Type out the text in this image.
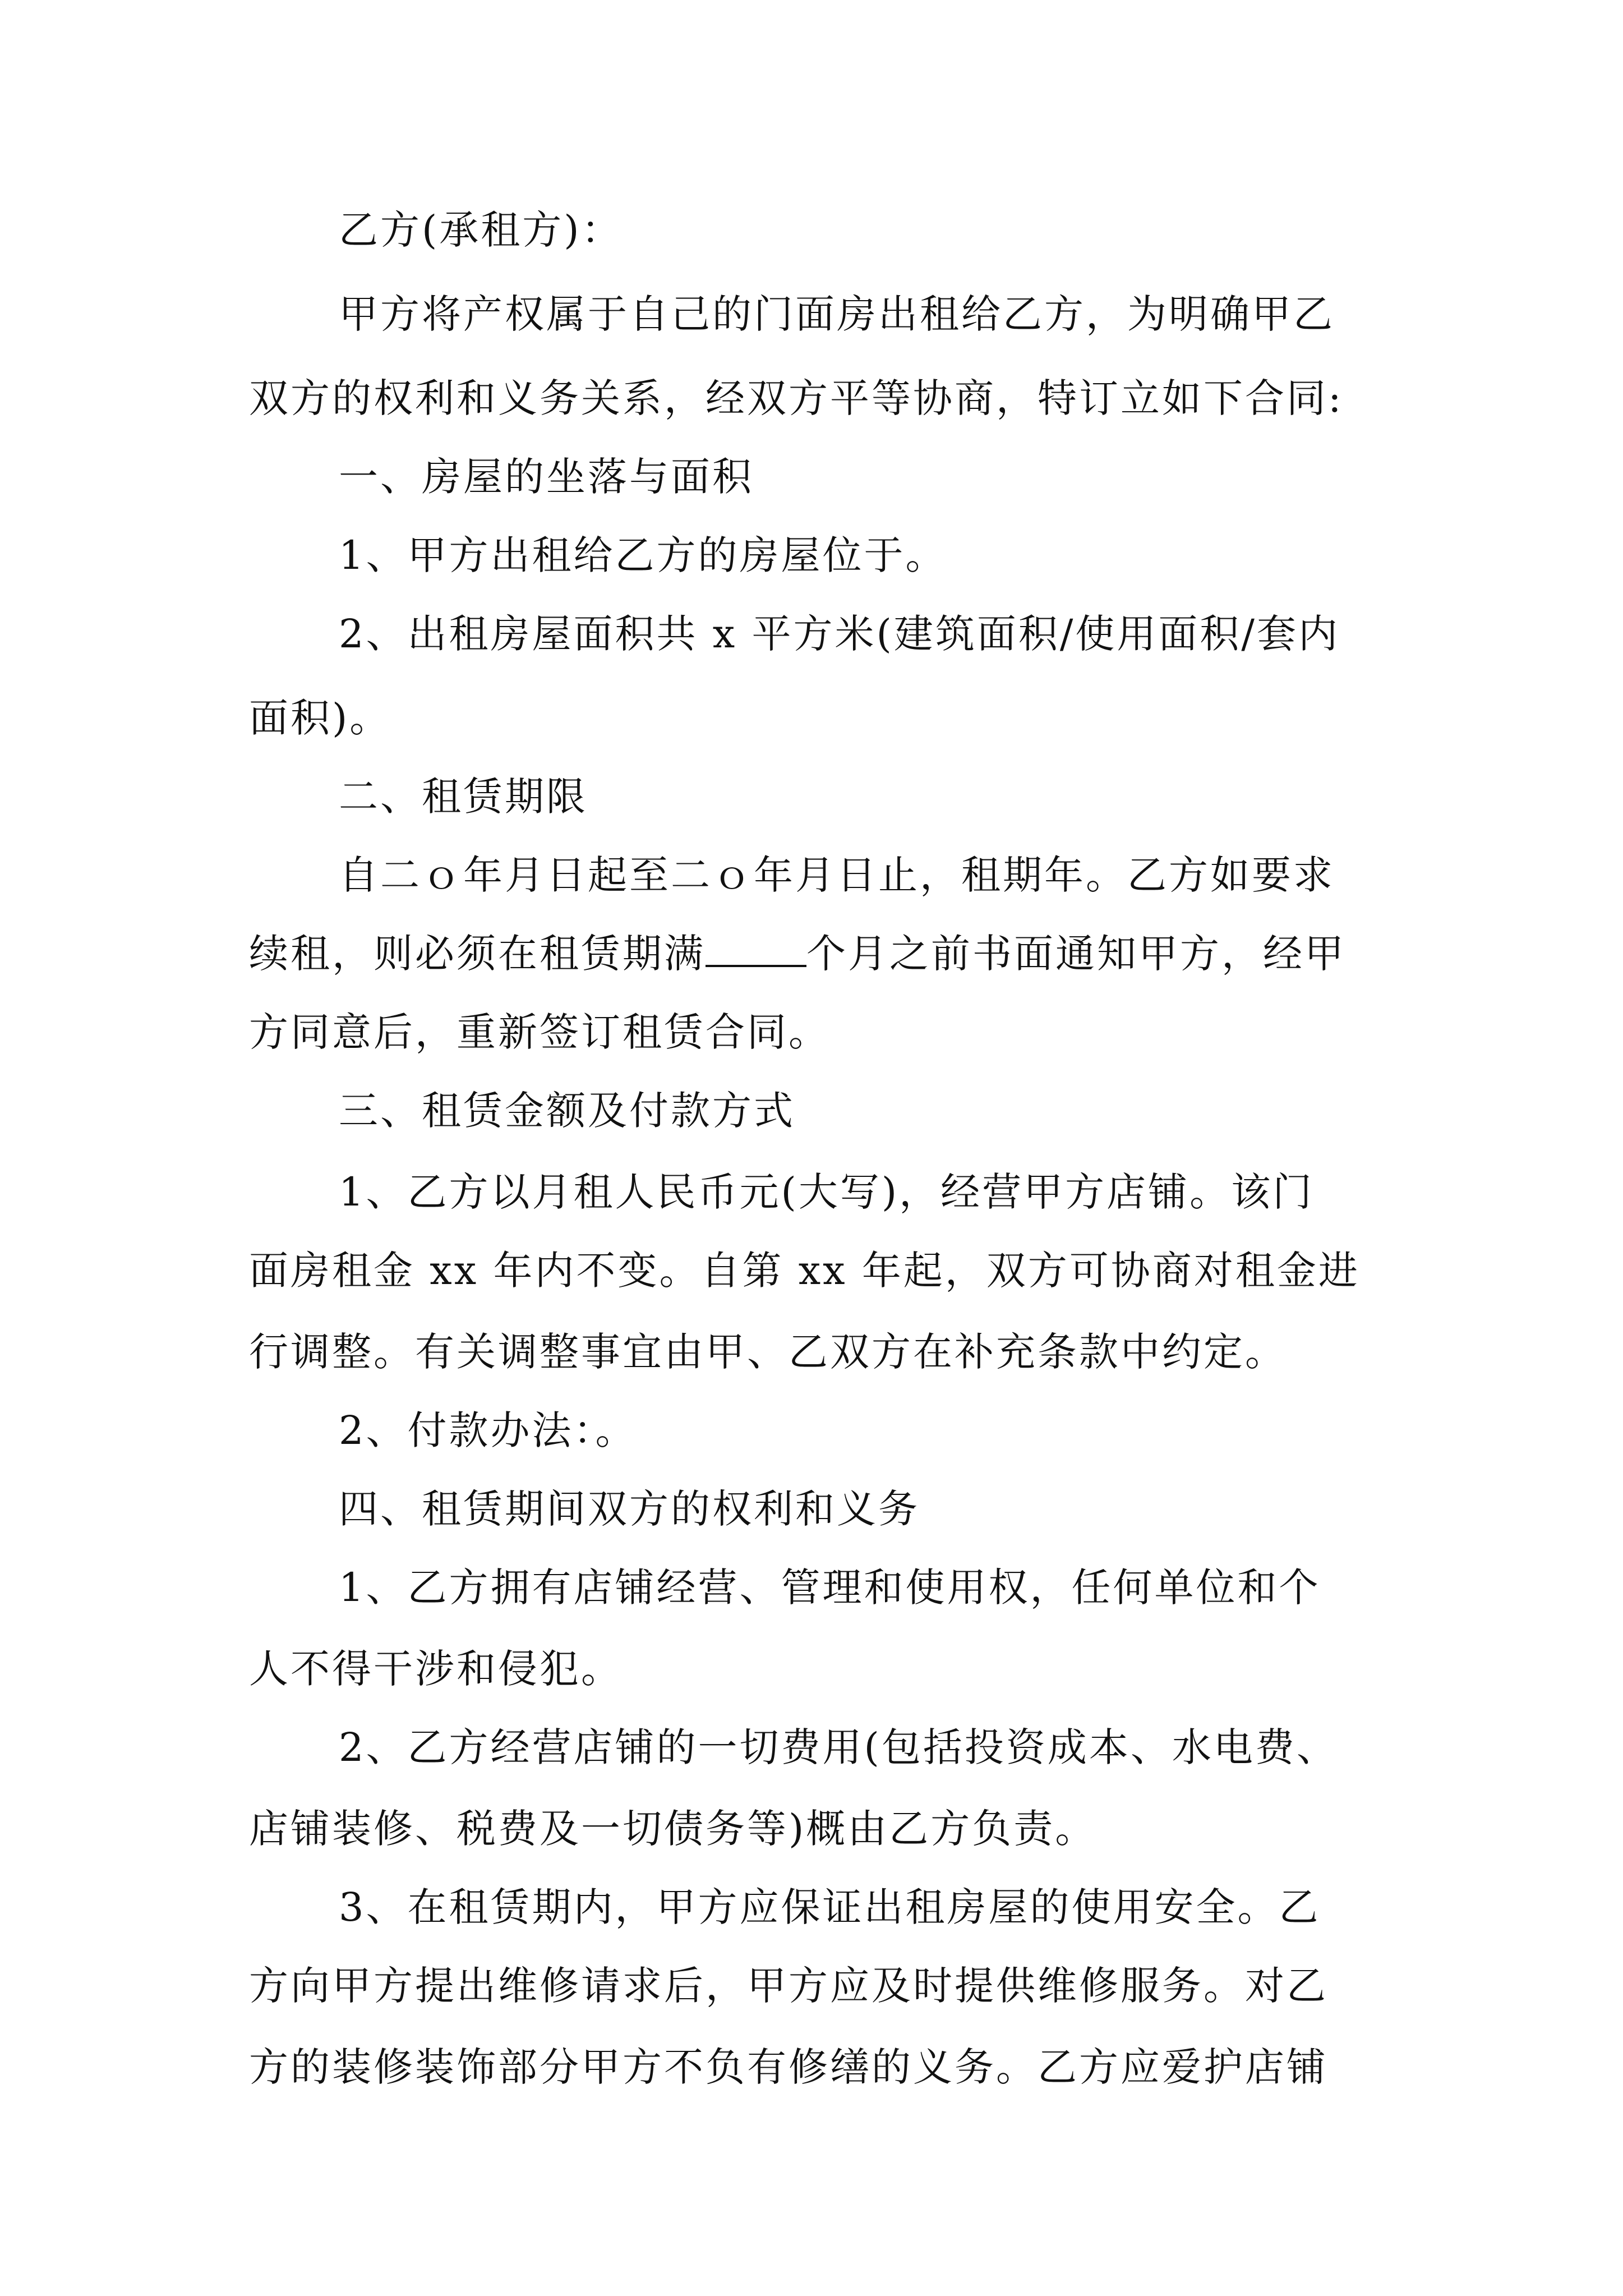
乙方(承租方)：
甲方将产权属于自己的门面房出租给乙方，为明确甲乙
双方的权利和义务关系，经双方平等协商，特订立如下合同:
一、房屋的坐落与面积
1、甲方出租给乙方的房屋位于。
2、出租房屋面积共 x 平方米(建筑面积/使用面积/套内
面积)。
二、租赁期限
自二ｏ年月日起至二ｏ年月日止，租期年。乙方如要求
续租，则必须在租赁期满	个月之前书面通知甲方，经甲
方同意后，重新签订租赁合同。
三、租赁金额及付款方式
1、乙方以月租人民币元(大写)，经营甲方店铺。该门
面房租金 xx 年内不变。自第 xx 年起，双方可协商对租金进
行调整。有关调整事宜由甲、乙双方在补充条款中约定。
2、付款办法：。
四、租赁期间双方的权利和义务
1、乙方拥有店铺经营、管理和使用权，任何单位和个
人不得干涉和侵犯。
2、乙方经营店铺的一切费用(包括投资成本、水电费、
店铺装修、税费及一切债务等)概由乙方负责。
3、在租赁期内，甲方应保证出租房屋的使用安全。乙
方向甲方提出维修请求后，甲方应及时提供维修服务。对乙
方的装修装饰部分甲方不负有修缮的义务。乙方应爱护店铺
